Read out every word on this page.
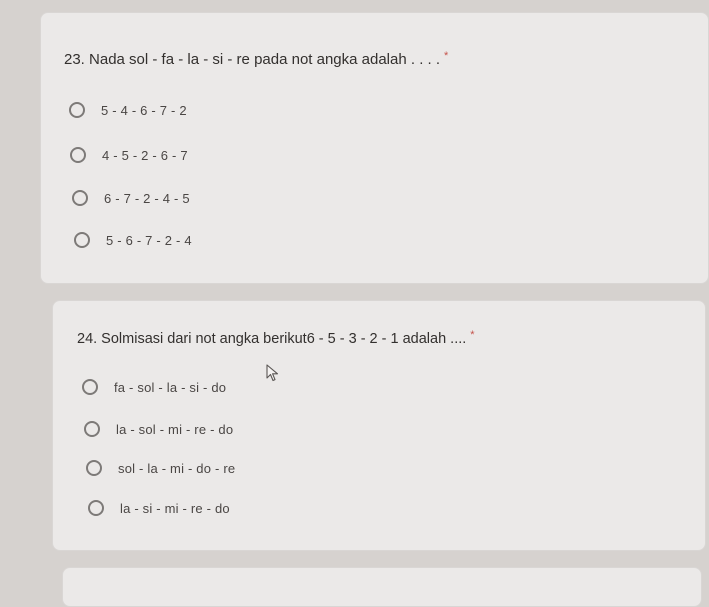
23. Nada sol - fa - la - si - re pada not angka adalah . . . . *
5 - 4 - 6 - 7 - 2
4 - 5 - 2 - 6 - 7
6 - 7 - 2 - 4 - 5
5 - 6 - 7 - 2 - 4
24. Solmisasi dari not angka berikut6 - 5 - 3 - 2 - 1 adalah .... *
fa - sol - la - si - do
la - sol - mi - re - do
sol - la - mi - do - re
la - si - mi - re - do
